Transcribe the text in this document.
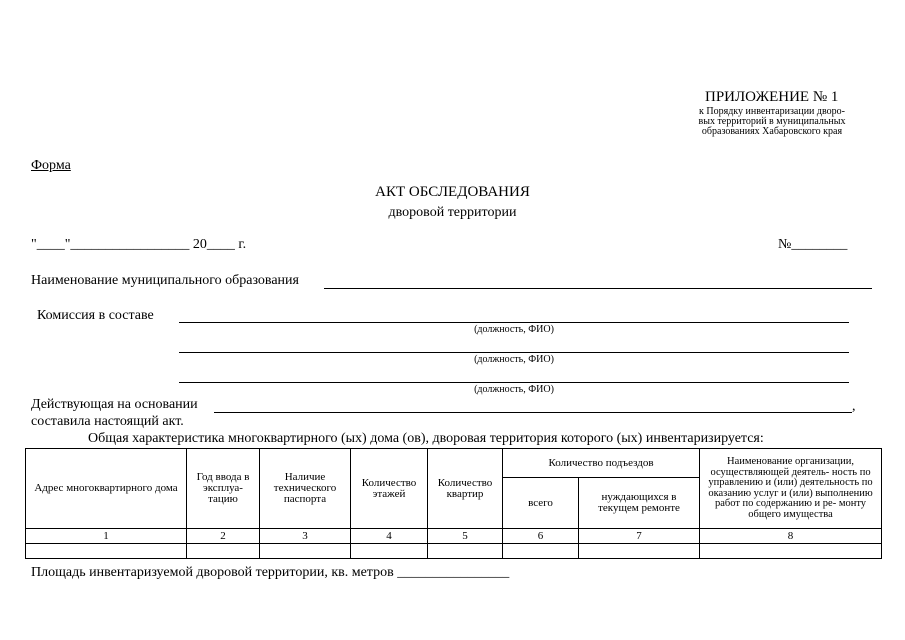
ПРИЛОЖЕНИЕ № 1
к Порядку инвентаризации дворо-
вых территорий в муниципальных
образованиях Хабаровского края
Форма
АКТ ОБСЛЕДОВАНИЯ
дворовой территории
"____"_________________ 20____ г.	№________
Наименование муниципального образования
Комиссия в составе
(должность, ФИО)
(должность, ФИО)
(должность, ФИО)
Действующая на основании	,
составила настоящий акт.
Общая характеристика многоквартирного (ых) дома (ов), дворовая территория которого (ых) инвентаризируется:
Адрес многоквартирного дома	Год ввода в эксплуа- тацию	Наличие технического паспорта	Количество этажей	Количество квартир	Количество подъездов		Наименование организации, осуществляющей деятель- ность по управлению и (или) деятельность по оказанию услуг и (или) выполнению работ по содержанию и ре- монту общего имущества
					всего	нуждающихся в текущем ремонте	
1	2	3	4	5	6	7	8

Площадь инвентаризуемой дворовой территории, кв. метров ________________
